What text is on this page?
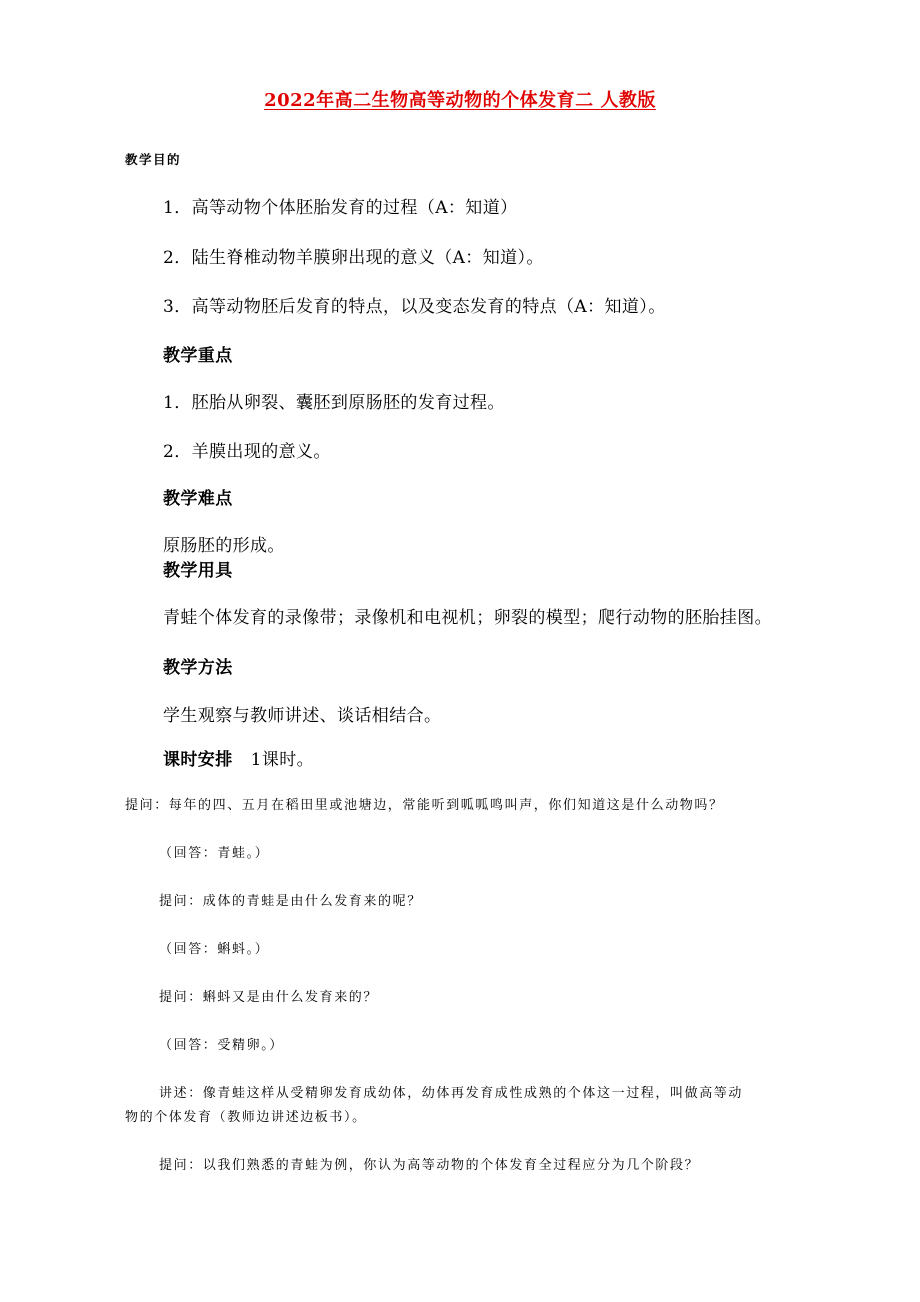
2022年高二生物高等动物的个体发育二 人教版
教学目的
1．高等动物个体胚胎发育的过程（A：知道）
2．陆生脊椎动物羊膜卵出现的意义（A：知道）。
3．高等动物胚后发育的特点，以及变态发育的特点（A：知道）。
教学重点
1．胚胎从卵裂、囊胚到原肠胚的发育过程。
2．羊膜出现的意义。
教学难点
原肠胚的形成。
教学用具
青蛙个体发育的录像带；录像机和电视机；卵裂的模型；爬行动物的胚胎挂图。
教学方法
学生观察与教师讲述、谈话相结合。
课时安排 1课时。
提问：每年的四、五月在稻田里或池塘边，常能听到呱呱鸣叫声，你们知道这是什么动物吗？
（回答：青蛙。）
提问：成体的青蛙是由什么发育来的呢？
（回答：蝌蚪。）
提问：蝌蚪又是由什么发育来的？
（回答：受精卵。）
讲述：像青蛙这样从受精卵发育成幼体，幼体再发育成性成熟的个体这一过程，叫做高等动
物的个体发育（教师边讲述边板书）。
提问：以我们熟悉的青蛙为例，你认为高等动物的个体发育全过程应分为几个阶段？
